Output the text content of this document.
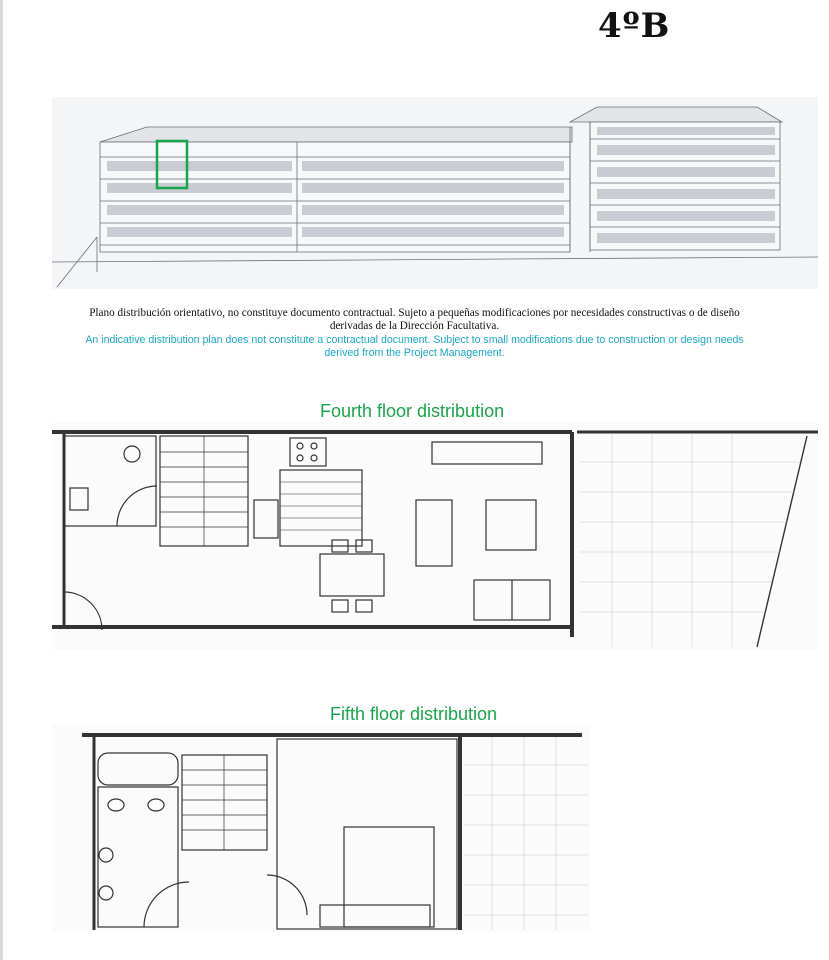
4ºB
Plano distribución orientativo, no constituye documento contractual. Sujeto a pequeñas modificaciones por necesidades constructivas o de diseño
derivadas de la Dirección Facultativa.
An indicative distribution plan does not constitute a contractual document. Subject to small modifications due to construction or design needs
derived from the Project Management.
Fourth floor distribution
Fifth floor distribution
